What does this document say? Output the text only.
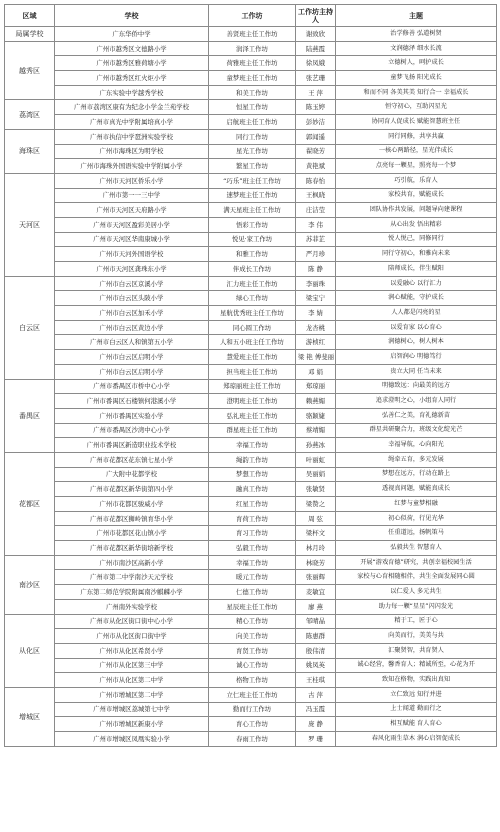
区域	学校	工作坊	工作坊主持人	主题
局属学校	广东华侨中学	善贤班主任工作坊	谢致欣	治学修善 弘道树贤
越秀区	广州市越秀区文德路小学	润泽工作坊	陆燕霞	文润德泽 细水长流
	广州市越秀区雅荷塘小学	荷雅班主任工作坊	徐凤娥	立德树人，呵护成长
	广州市越秀区红火炬小学	童梦班主任工作坊	张艺珊	童梦飞扬 阳光成长
	广东实验中学越秀学校	和美工作坊	王 萍	和而不同 各美其美 知行合一 幸福成长
荔湾区	广州市荔湾区康有为纪念小学金兰苑学校	恒星工作坊	陈玉婷	恒守初心，互助闪星光
	广州市真光中学附属培真小学	启航班主任工作坊	彭妙洁	协同育人促成长 赋能智慧班主任
海珠区	广州市执信中学琶洲实验学校	同行工作坊	郭闻遥	同行同修，共享共赢
	广州市海珠区为明学校	星光工作坊	翟晓芳	一核心两路径，星光伴成长
	广州市海珠外国语实验中学附属小学	繁星工作坊	黄艳斌	点亮每一颗星，照亮每一个梦
天河区	广州市天河区侨乐小学	“巧乐”班主任工作坊	陈春怡	巧引航，乐育人
	广州市第一一三中学	速梦班主任工作坊	王枫晓	家校共育，赋能成长
	广州市天河区天府路小学	满天星班主任工作坊	庄洁莹	团队协作共发展，问题导向建课程
	广州市天河区盈彩美居小学	悟彩工作坊	李 伟	从心出发 悟出精彩
	广州市天河区华南康城小学	悦见·家工作坊	苏菲芷	悦人悦己，同修同行
	广州市天河外国语学校	和雅工作坊	严月珍	同行守初心，和雅向未来
	广州市天河区龚珠东小学	伴成长工作坊	陈 静	陪师成长，伴生赋阳
白云区	广州市白云区京溪小学	汇力班主任工作坊	李丽珠	以爱融心 以行汇力
	广州市白云区头陂小学	绿心工作坊	梁宝宁	润心赋能，守护成长
	广州市白云区加禾小学	星航优秀班主任工作坊	李 婧	人人都是闪亮的星
	广州市白云区黄边小学	同心圆工作坊	龙杏桃	以爱育家 以心育心
	广州市白云区人和镇第五小学	人和五小班主任工作坊	游桢红	润德树心，树人树本
	广州市白云区启明小学	慧爱班主任工作坊	梁 艳 傅斐丽	启智润心 明德笃行
	广州市白云区启明小学	担当班主任工作坊	邓 娟	贵立大同 任当未来
番禺区	广州市番禺区市桥中心小学	郑琼丽班主任工作坊	郑琼丽	明德致远：向最美的远方
	广州市番禺区石楼镇何港溪小学	澄明班主任工作坊	赖燕媚	追求澄明之心，小组育人同行
	广州市番禺区实验小学	弘礼班主任工作坊	骆颖婕	弘善仁之美，育礼德新苗
	广州市番禺区沙湾中心小学	群星班主任工作坊	蔡靖媚	群星共研聚合力，班级文化绽光芒
	广州市番禺区新造职业技术学校	幸福工作坊	孙燕冰	幸福导航，心向阳光
花都区	广州市花都区花东镇七星小学	绳韵工作坊	叶丽虹	绳牵五育，多元发展
	广大附中花都学校	梦想工作坊	吴丽娟	梦想在远方，行动在路上
	广州市花都区新华街第四小学	融真工作坊	张敏贤	透视真问题，赋能真成长
	广州市花都区骏威小学	红星工作坊	梁赞之	红梦与童梦相融
	广州市花都区狮岭镇育华小学	育荷工作坊	周 弦	初心似荷，行见光华
	广州市花都区花山镇小学	育习工作坊	梁杯文	任重道远，扬帆策马
	广州市花都区新华街培新学校	弘毅工作坊	林月玲	弘毅共生 智慧育人
南沙区	广州市南沙区高新小学	幸福工作坊	林晓芳	开展“游戏育德”研究，共创幸福校园生活
	广州市第二中学南沙天元学校	暖元工作坊	张丽辉	家校与心育相随相伴，共生全面发展同心圆
	广东第二师范学院附属南沙麒麟小学	仁德工作坊	麦敏宜	以仁爱人 多元共生
	广州南外实验学校	星辰班主任工作坊	廖 燕	助力每一颗“星星”闪闪发光
从化区	广州市从化区街口街中心小学	精心工作坊	邹晴晶	精于工，匠于心
	广州市从化区街口街中学	向美工作坊	陈惠群	向美而行，美美与共
	广州市从化区希贤小学	育贤工作坊	殷伟清	汇聚贤智，共育贤人
	广州市从化区第三中学	诚心工作坊	姚凤英	诚心经营，馨香育人；精诚所至，心花为开
	广州市从化区第二中学	格物工作坊	王桂琪	致知在格物，实践出真知
增城区	广州市增城区第二中学	立仁班主任工作坊	古 萍	立仁致远 知行并进
	广州市增城区荔城第七中学	勤而行工作坊	冯玉霞	上士闻道 勤而行之
	广州市增城区新康小学	育心工作坊	庞 静	相互赋能 育人育心
	广州市增城区凤凰实验小学	春雨工作坊	罗 珊	春风化雨生草木 润心启智促成长
